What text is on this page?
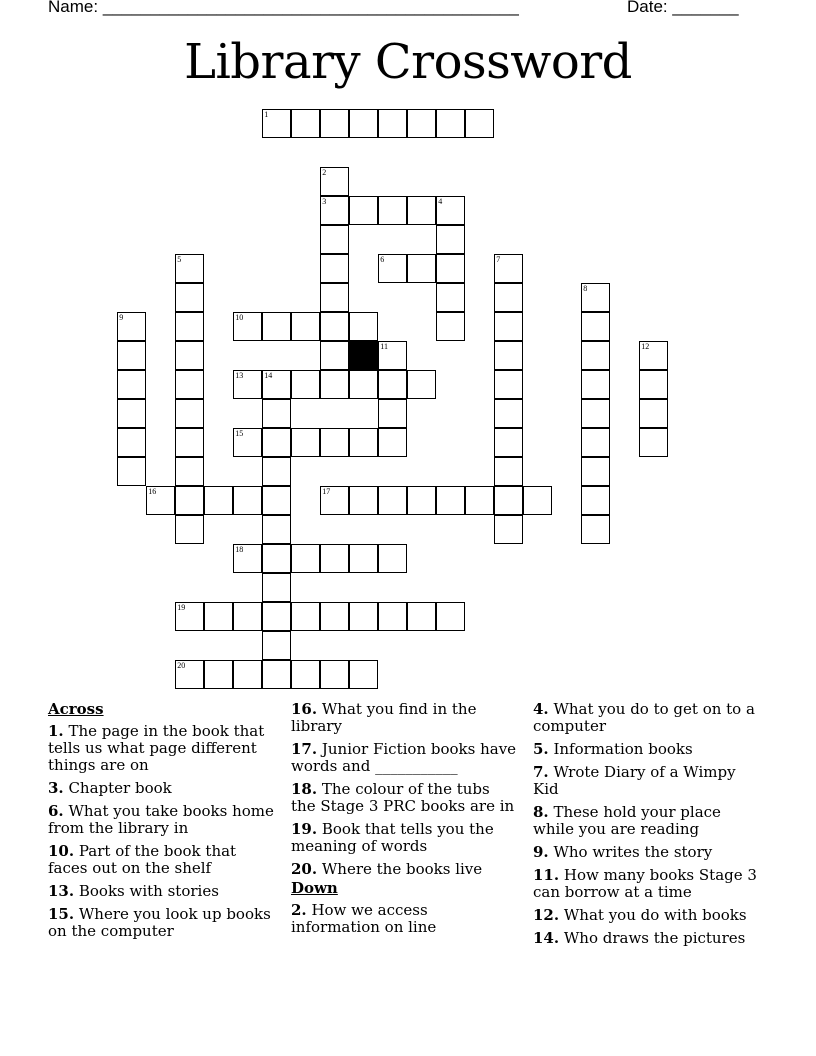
Name: ____________________________________________	Date: _______
Library Crossword
1
2
3	4
5	6	7
8
9	10
11	12
13	14
15
16	17
18
19
20
Across
1. The page in the book that tells us what page different things are on
3. Chapter book
6. What you take books home from the library in
10. Part of the book that faces out on the shelf
13. Books with stories
15. Where you look up books on the computer
16. What you find in the library
17. Junior Fiction books have words and ___________
18. The colour of the tubs the Stage 3 PRC books are in
19. Book that tells you the meaning of words
20. Where the books live
Down
2. How we access information on line
4. What you do to get on to a computer
5. Information books
7. Wrote Diary of a Wimpy Kid
8. These hold your place while you are reading
9. Who writes the story
11. How many books Stage 3 can borrow at a time
12. What you do with books
14. Who draws the pictures
